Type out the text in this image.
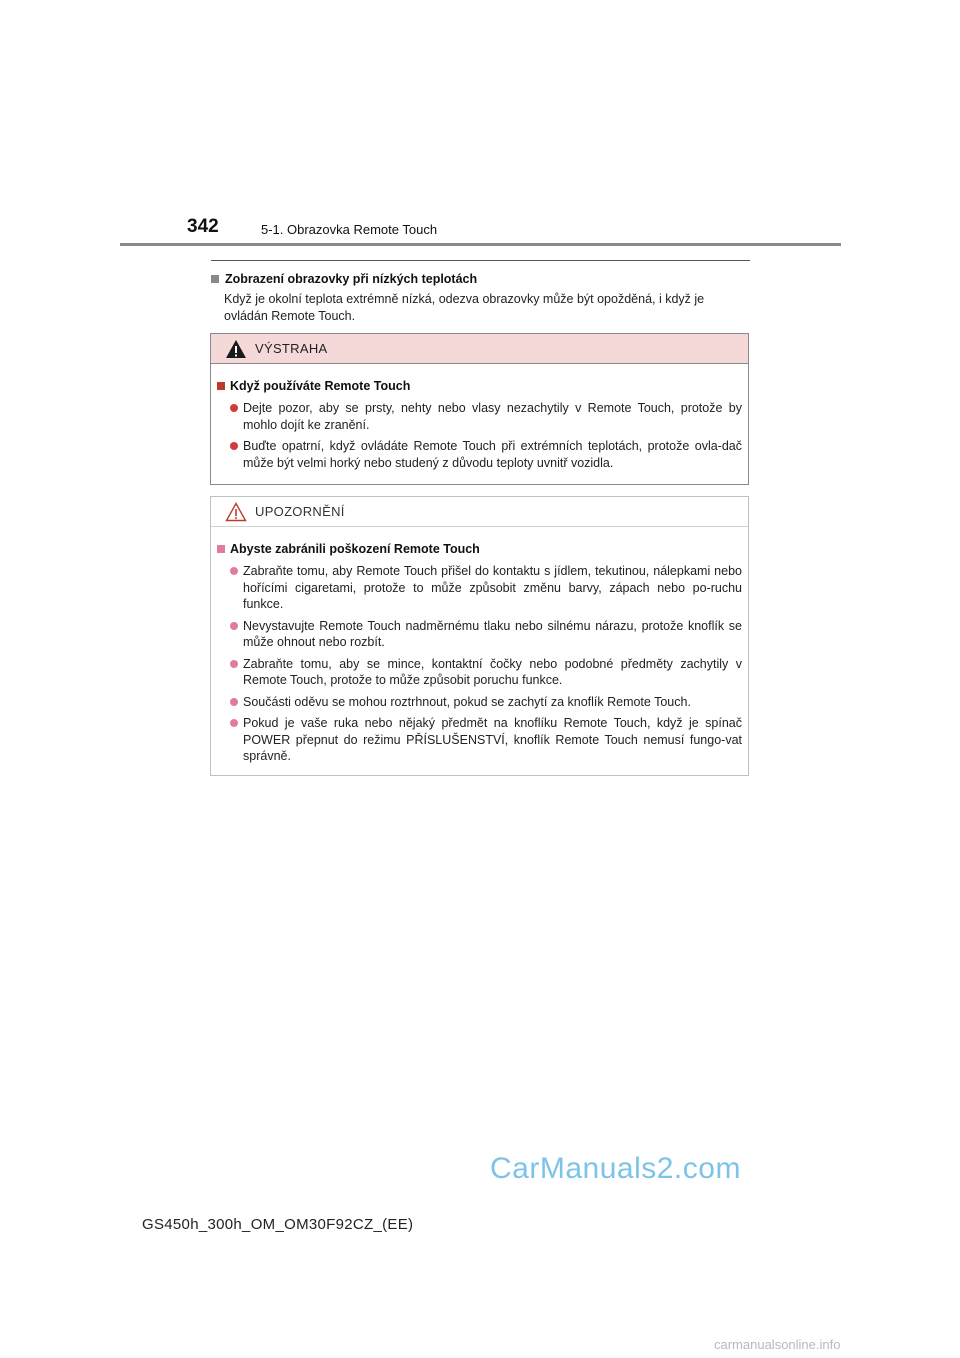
342	5-1. Obrazovka Remote Touch
Zobrazení obrazovky při nízkých teplotách
Když je okolní teplota extrémně nízká, odezva obrazovky může být opožděná, i když je ovládán Remote Touch.
VÝSTRAHA
Když používáte Remote Touch
Dejte pozor, aby se prsty, nehty nebo vlasy nezachytily v Remote Touch, protože by mohlo dojít ke zranění.
Buďte opatrní, když ovládáte Remote Touch při extrémních teplotách, protože ovla-dač může být velmi horký nebo studený z důvodu teploty uvnitř vozidla.
UPOZORNĚNÍ
Abyste zabránili poškození Remote Touch
Zabraňte tomu, aby Remote Touch přišel do kontaktu s jídlem, tekutinou, nálepkami nebo hořícími cigaretami, protože to může způsobit změnu barvy, zápach nebo po-ruchu funkce.
Nevystavujte Remote Touch nadměrnému tlaku nebo silnému nárazu, protože knoflík se může ohnout nebo rozbít.
Zabraňte tomu, aby se mince, kontaktní čočky nebo podobné předměty zachytily v Remote Touch, protože to může způsobit poruchu funkce.
Součásti oděvu se mohou roztrhnout, pokud se zachytí za knoflík Remote Touch.
Pokud je vaše ruka nebo nějaký předmět na knoflíku Remote Touch, když je spínač POWER přepnut do režimu PŘÍSLUŠENSTVÍ, knoflík Remote Touch nemusí fungo-vat správně.
CarManuals2.com
GS450h_300h_OM_OM30F92CZ_(EE)
carmanualsonline.info
